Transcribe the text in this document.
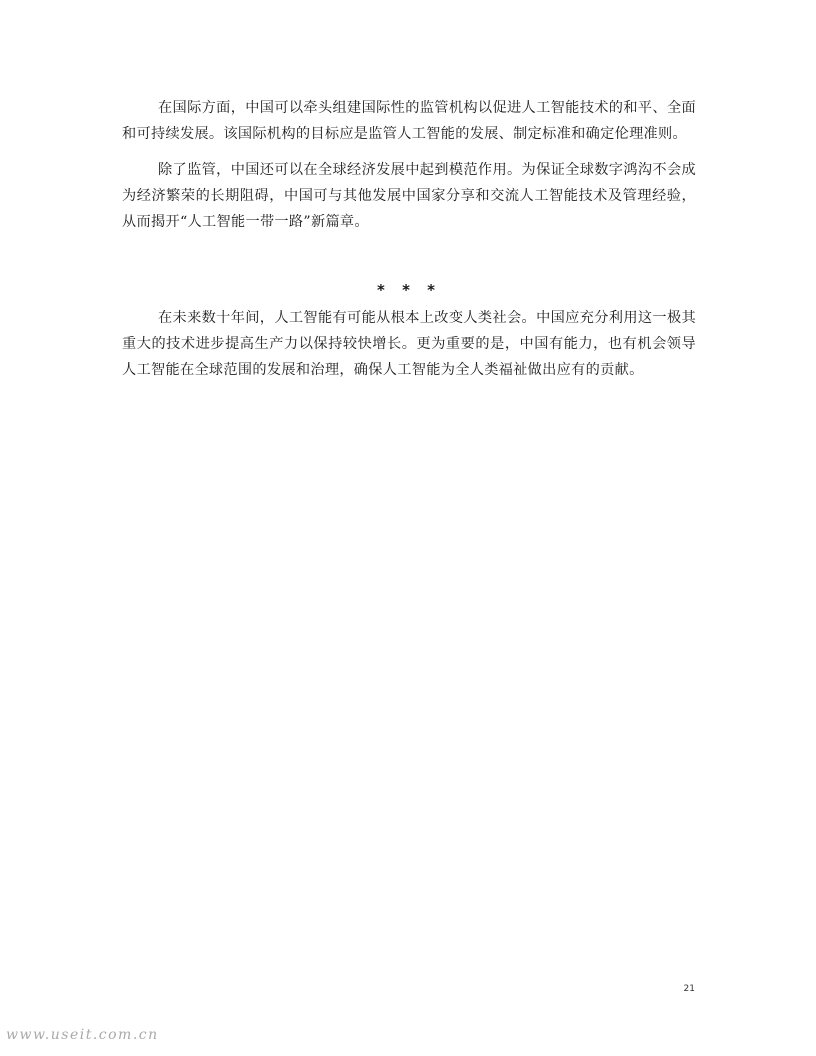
在国际方面，中国可以牵头组建国际性的监管机构以促进人工智能技术的和平、全面和可持续发展。该国际机构的目标应是监管人工智能的发展、制定标准和确定伦理准则。

除了监管，中国还可以在全球经济发展中起到模范作用。为保证全球数字鸿沟不会成为经济繁荣的长期阻碍，中国可与其他发展中国家分享和交流人工智能技术及管理经验，从而揭开“人工智能一带一路”新篇章。

* * *

在未来数十年间，人工智能有可能从根本上改变人类社会。中国应充分利用这一极其重大的技术进步提高生产力以保持较快增长。更为重要的是，中国有能力，也有机会领导人工智能在全球范围的发展和治理，确保人工智能为全人类福祉做出应有的贡献。

21
www.useit.com.cn
